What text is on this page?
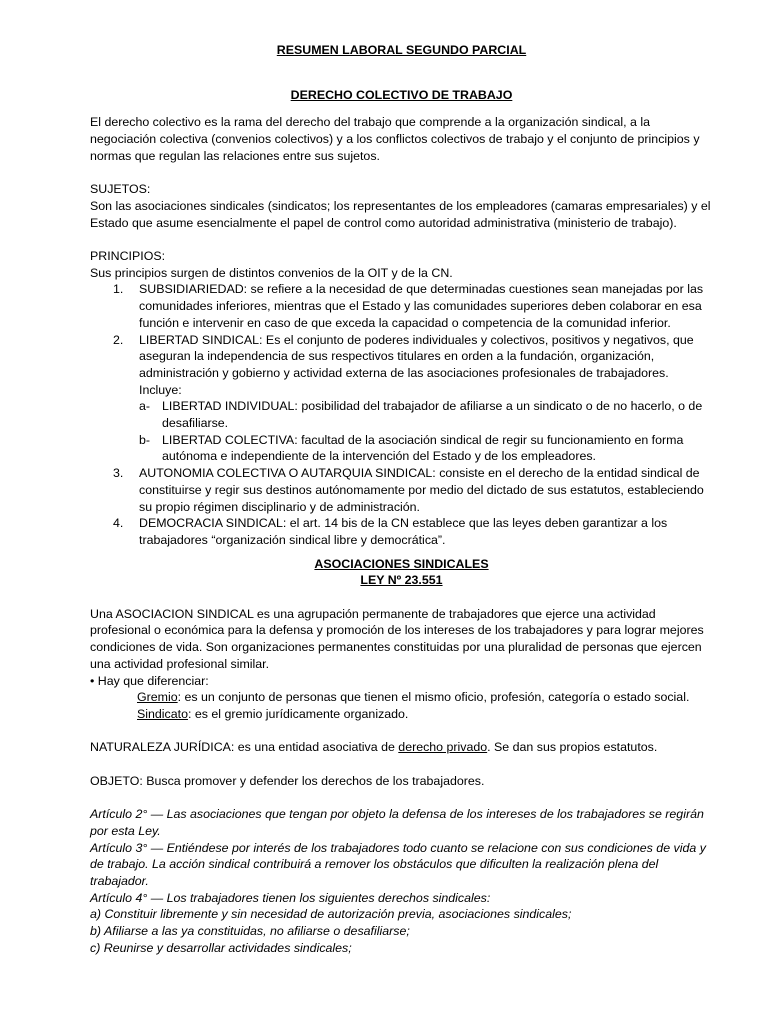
RESUMEN LABORAL SEGUNDO PARCIAL
DERECHO COLECTIVO DE TRABAJO

El derecho colectivo es la rama del derecho del trabajo que comprende a la organización sindical, a la negociación colectiva (convenios colectivos) y a los conflictos colectivos de trabajo y el conjunto de principios y normas que regulan las relaciones entre sus sujetos.

SUJETOS:

Son las asociaciones sindicales (sindicatos; los representantes de los empleadores (camaras empresariales) y el Estado que asume esencialmente el papel de control como autoridad administrativa (ministerio de trabajo).

PRINCIPIOS:

Sus principios surgen de distintos convenios de la OIT y de la CN.

1. SUBSIDIARIEDAD: se refiere a la necesidad de que determinadas cuestiones sean manejadas por las comunidades inferiores, mientras que el Estado y las comunidades superiores deben colaborar en esa función e intervenir en caso de que exceda la capacidad o competencia de la comunidad inferior.
2. LIBERTAD SINDICAL: Es el conjunto de poderes individuales y colectivos, positivos y negativos, que aseguran la independencia de sus respectivos titulares en orden a la fundación, organización, administración y gobierno y actividad externa de las asociaciones profesionales de trabajadores.
Incluye:
a- LIBERTAD INDIVIDUAL: posibilidad del trabajador de afiliarse a un sindicato o de no hacerlo, o de desafiliarse.
b- LIBERTAD COLECTIVA: facultad de la asociación sindical de regir su funcionamiento en forma autónoma e independiente de la intervención del Estado y de los empleadores.
3. AUTONOMIA COLECTIVA O AUTARQUIA SINDICAL: consiste en el derecho de la entidad sindical de constituirse y regir sus destinos autónomamente por medio del dictado de sus estatutos, estableciendo su propio régimen disciplinario y de administración.
4. DEMOCRACIA SINDICAL: el art. 14 bis de la CN establece que las leyes deben garantizar a los trabajadores “organización sindical libre y democrática”.
ASOCIACIONES SINDICALES
LEY Nº 23.551

Una ASOCIACION SINDICAL es una agrupación permanente de trabajadores que ejerce una actividad profesional o económica para la defensa y promoción de los intereses de los trabajadores y para lograr mejores condiciones de vida. Son organizaciones permanentes constituidas por una pluralidad de personas que ejercen una actividad profesional similar.

• Hay que diferenciar:

Gremio: es un conjunto de personas que tienen el mismo oficio, profesión, categoría o estado social.

Sindicato: es el gremio jurídicamente organizado.

NATURALEZA JURÍDICA: es una entidad asociativa de derecho privado. Se dan sus propios estatutos.

OBJETO: Busca promover y defender los derechos de los trabajadores.

Artículo 2° — Las asociaciones que tengan por objeto la defensa de los intereses de los trabajadores se regirán por esta Ley.

Artículo 3° — Entiéndese por interés de los trabajadores todo cuanto se relacione con sus condiciones de vida y de trabajo. La acción sindical contribuirá a remover los obstáculos que dificulten la realización plena del trabajador.

Artículo 4° — Los trabajadores tienen los siguientes derechos sindicales:

a) Constituir libremente y sin necesidad de autorización previa, asociaciones sindicales;

b) Afiliarse a las ya constituidas, no afiliarse o desafiliarse;

c) Reunirse y desarrollar actividades sindicales;
